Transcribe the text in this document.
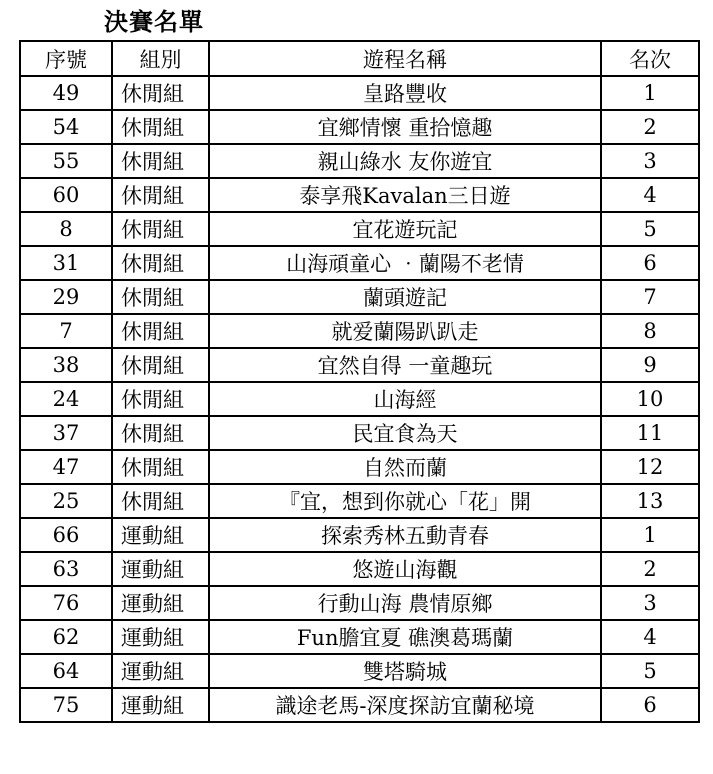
決賽名單
序號	組別	遊程名稱	名次
49	休閒組	皇路豐收	1
54	休閒組	宜鄉情懷 重拾憶趣	2
55	休閒組	親山綠水 友你遊宜	3
60	休閒組	泰享飛Kavalan三日遊	4
8	休閒組	宜花遊玩記	5
31	休閒組	山海頑童心 ‧蘭陽不老情	6
29	休閒組	蘭頭遊記	7
7	休閒組	就爱蘭陽趴趴走	8
38	休閒組	宜然自得 一童趣玩	9
24	休閒組	山海經	10
37	休閒組	民宜食為天	11
47	休閒組	自然而蘭	12
25	休閒組	『宜，想到你就心「花」開	13
66	運動組	探索秀林五動青春	1
63	運動組	悠遊山海觀	2
76	運動組	行動山海 農情原鄉	3
62	運動組	Fun膽宜夏 礁澳葛瑪蘭	4
64	運動組	雙塔騎城	5
75	運動組	識途老馬-深度探訪宜蘭秘境	6
